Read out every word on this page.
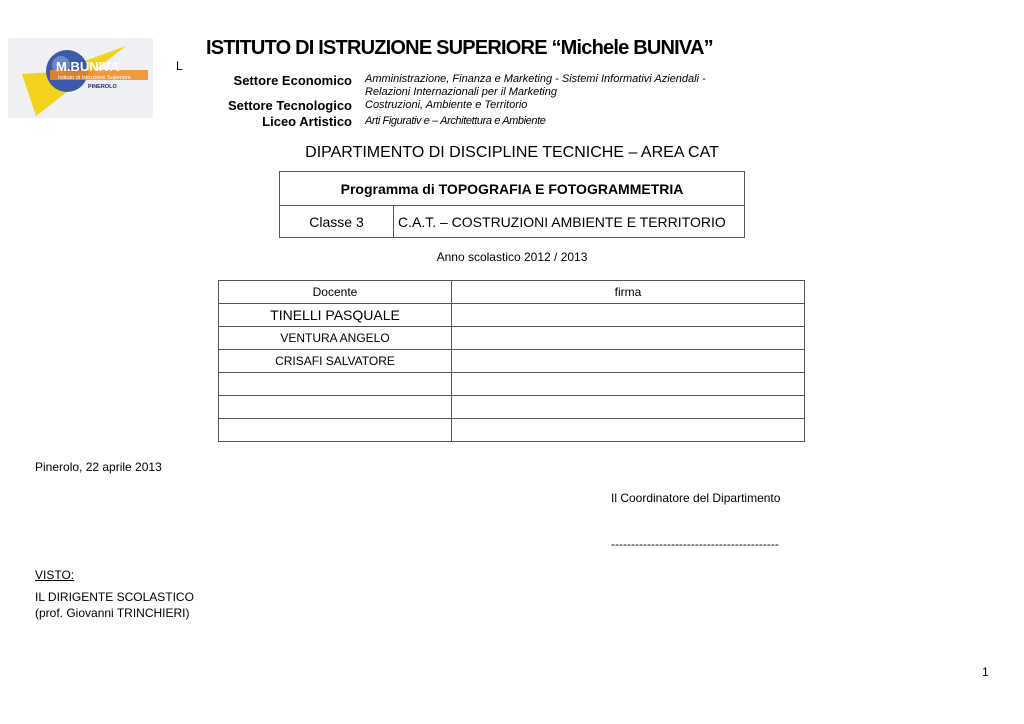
M.BUNIVA
Istituto di Istruzione Superiore
PINEROLO
L
ISTITUTO DI ISTRUZIONE SUPERIORE “Michele BUNIVA”
Settore Economico Amministrazione, Finanza e Marketing - Sistemi Informativi Aziendali -
Relazioni Internazionali per il Marketing
Settore Tecnologico Costruzioni, Ambiente e Territorio
Liceo Artistico Arti Figurativ e – Architettura e Ambiente
DIPARTIMENTO DI DISCIPLINE TECNICHE – AREA CAT
Programma di TOPOGRAFIA E FOTOGRAMMETRIA
Classe 3	C.A.T. – COSTRUZIONI AMBIENTE E TERRITORIO
Anno scolastico 2012 / 2013
Docente	firma
TINELLI PASQUALE	
VENTURA ANGELO	
CRISAFI SALVATORE	

Pinerolo, 22 aprile 2013
Il Coordinatore del Dipartimento
------------------------------------------
VISTO:
IL DIRIGENTE SCOLASTICO
(prof. Giovanni TRINCHIERI)
1
